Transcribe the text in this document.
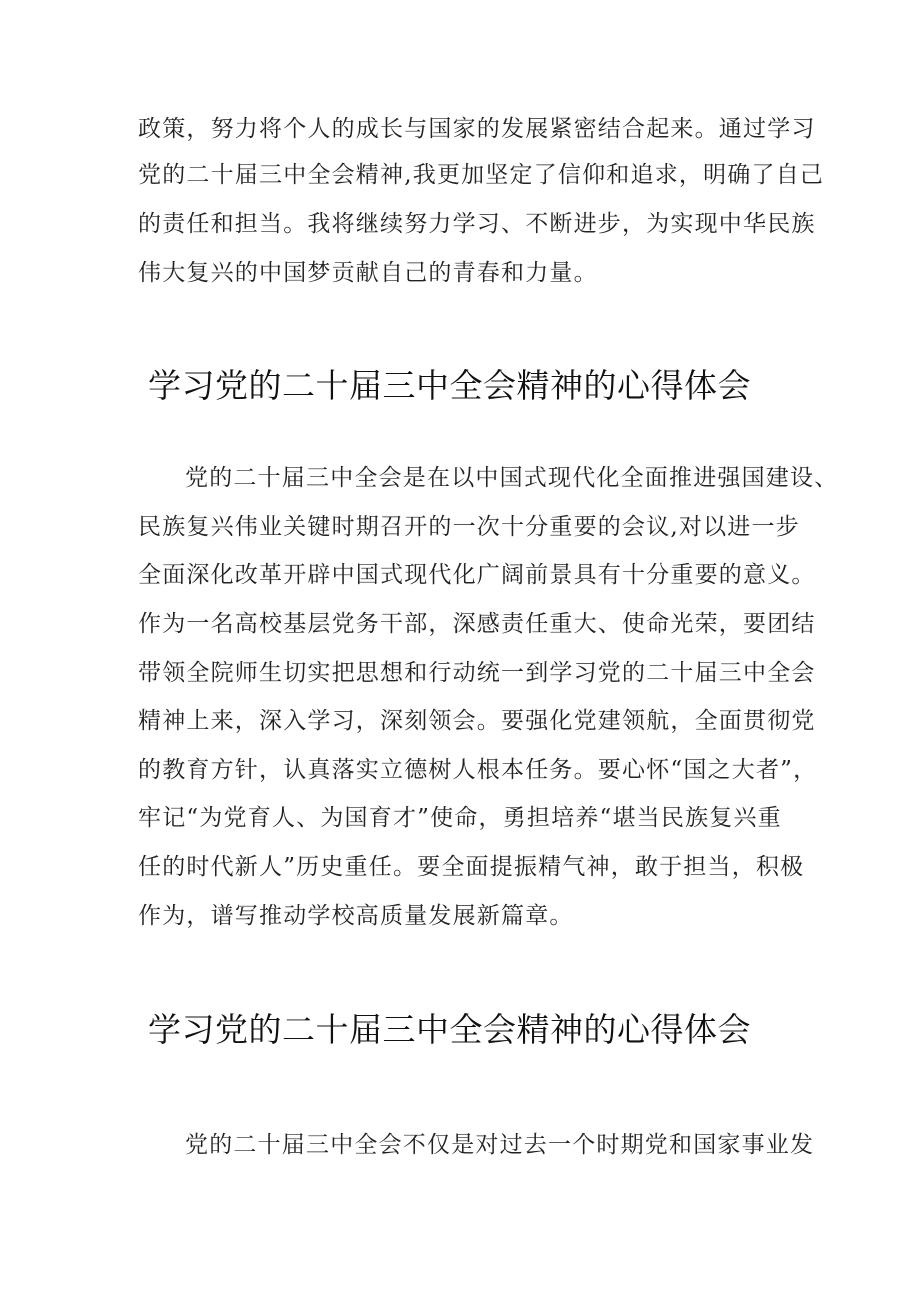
政策，努力将个人的成长与国家的发展紧密结合起来。通过学习
党的二十届三中全会精神,我更加坚定了信仰和追求，明确了自己
的责任和担当。我将继续努力学习、不断进步，为实现中华民族
伟大复兴的中国梦贡献自己的青春和力量。
学习党的二十届三中全会精神的心得体会
党的二十届三中全会是在以中国式现代化全面推进强国建设、
民族复兴伟业关键时期召开的一次十分重要的会议,对以进一步
全面深化改革开辟中国式现代化广阔前景具有十分重要的意义。
作为一名高校基层党务干部，深感责任重大、使命光荣，要团结
带领全院师生切实把思想和行动统一到学习党的二十届三中全会
精神上来，深入学习，深刻领会。要强化党建领航，全面贯彻党
的教育方针，认真落实立德树人根本任务。要心怀“国之大者”，
牢记“为党育人、为国育才”使命，勇担培养“堪当民族复兴重
任的时代新人”历史重任。要全面提振精气神，敢于担当，积极
作为，谱写推动学校高质量发展新篇章。
学习党的二十届三中全会精神的心得体会
党的二十届三中全会不仅是对过去一个时期党和国家事业发
